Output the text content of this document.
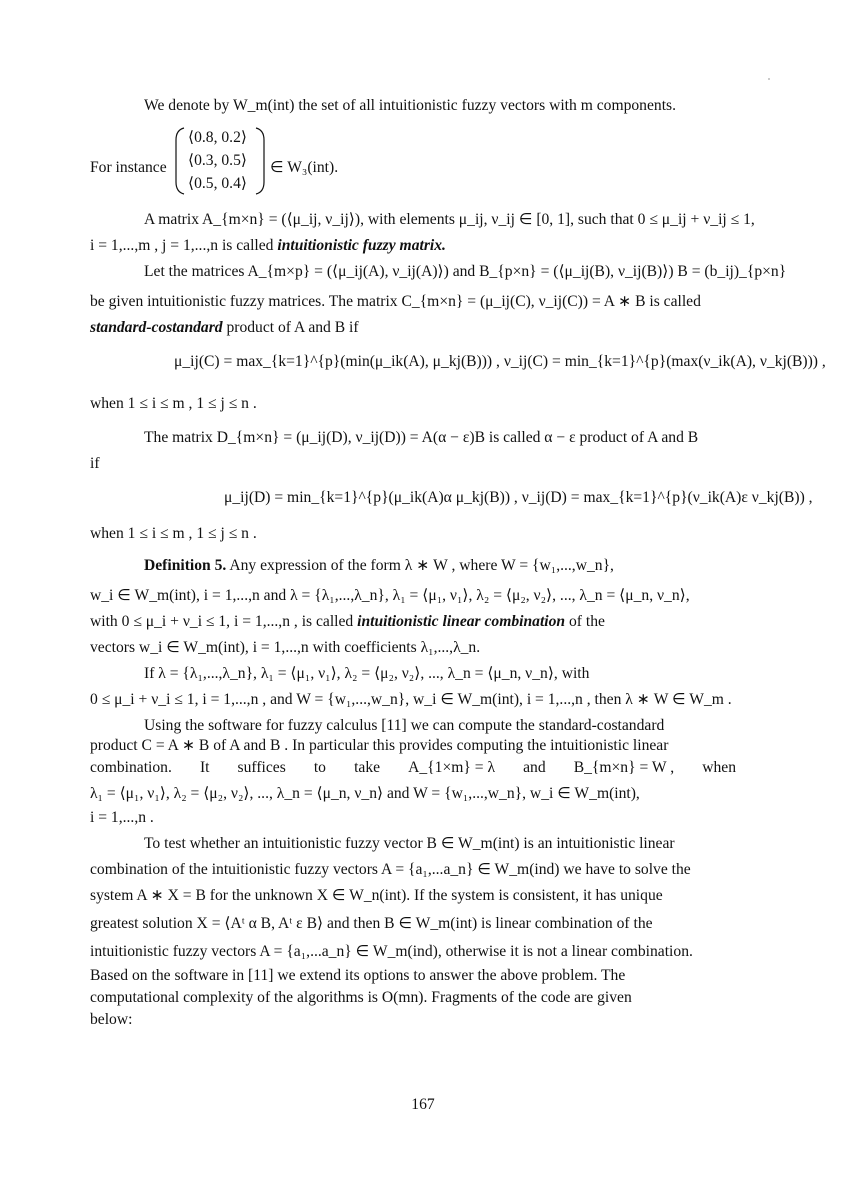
We denote by W_m(int) the set of all intuitionistic fuzzy vectors with m components.
For instance
⟨0.8, 0.2⟩
⟨0.3, 0.5⟩
⟨0.5, 0.4⟩
∈ W₃(int).
A matrix A_{m×n} = (⟨μ_ij, ν_ij⟩), with elements μ_ij, ν_ij ∈ [0, 1], such that 0 ≤ μ_ij + ν_ij ≤ 1,
i = 1,...,m , j = 1,...,n is called intuitionistic fuzzy matrix.
Let the matrices A_{m×p} = (⟨μ_ij(A), ν_ij(A)⟩) and B_{p×n} = (⟨μ_ij(B), ν_ij(B)⟩) B = (b_ij)_{p×n}
be given intuitionistic fuzzy matrices. The matrix C_{m×n} = (μ_ij(C), ν_ij(C)) = A ∗ B is called
standard-costandard product of A and B if
μ_ij(C) = max_{k=1}^{p}(min(μ_ik(A), μ_kj(B))) , ν_ij(C) = min_{k=1}^{p}(max(ν_ik(A), ν_kj(B))) ,
when 1 ≤ i ≤ m , 1 ≤ j ≤ n .
The matrix D_{m×n} = (μ_ij(D), ν_ij(D)) = A(α − ε)B is called α − ε product of A and B
if
μ_ij(D) = min_{k=1}^{p}(μ_ik(A)α μ_kj(B)) , ν_ij(D) = max_{k=1}^{p}(ν_ik(A)ε ν_kj(B)) ,
when 1 ≤ i ≤ m , 1 ≤ j ≤ n .
Definition 5. Any expression of the form λ ∗ W , where W = {w₁,...,w_n},
w_i ∈ W_m(int), i = 1,...,n and λ = {λ₁,...,λ_n}, λ₁ = ⟨μ₁, ν₁⟩, λ₂ = ⟨μ₂, ν₂⟩, ..., λ_n = ⟨μ_n, ν_n⟩,
with 0 ≤ μ_i + ν_i ≤ 1, i = 1,...,n , is called intuitionistic linear combination of the
vectors w_i ∈ W_m(int), i = 1,...,n with coefficients λ₁,...,λ_n.
If λ = {λ₁,...,λ_n}, λ₁ = ⟨μ₁, ν₁⟩, λ₂ = ⟨μ₂, ν₂⟩, ..., λ_n = ⟨μ_n, ν_n⟩, with
0 ≤ μ_i + ν_i ≤ 1, i = 1,...,n , and W = {w₁,...,w_n}, w_i ∈ W_m(int), i = 1,...,n , then λ ∗ W ∈ W_m .
Using the software for fuzzy calculus [11] we can compute the standard-costandard
product C = A ∗ B of A and B . In particular this provides computing the intuitionistic linear
combination. It suffices to take A_{1×m} = λ and B_{m×n} = W , when
λ₁ = ⟨μ₁, ν₁⟩, λ₂ = ⟨μ₂, ν₂⟩, ..., λ_n = ⟨μ_n, ν_n⟩ and W = {w₁,...,w_n}, w_i ∈ W_m(int),
i = 1,...,n .
To test whether an intuitionistic fuzzy vector B ∈ W_m(int) is an intuitionistic linear
combination of the intuitionistic fuzzy vectors A = {a₁,...a_n} ∈ W_m(ind) we have to solve the
system A ∗ X = B for the unknown X ∈ W_n(int). If the system is consistent, it has unique
greatest solution X = ⟨Aᵗ α B, Aᵗ ε B⟩ and then B ∈ W_m(int) is linear combination of the
intuitionistic fuzzy vectors A = {a₁,...a_n} ∈ W_m(ind), otherwise it is not a linear combination.
Based on the software in [11] we extend its options to answer the above problem. The
computational complexity of the algorithms is O(mn). Fragments of the code are given
below:
167
